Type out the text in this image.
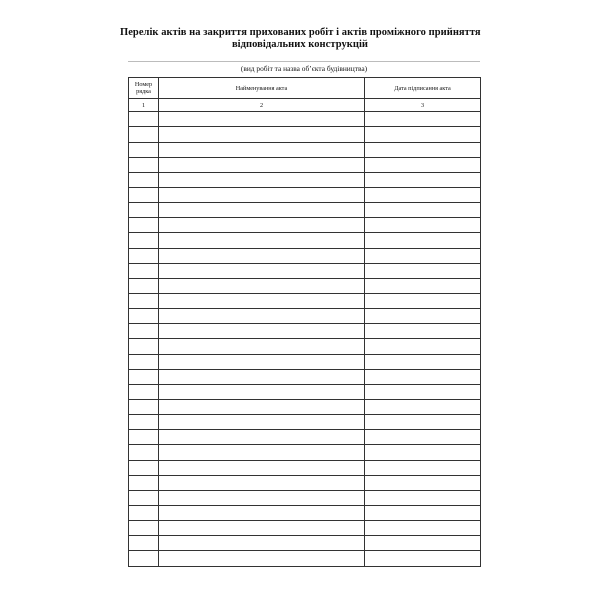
Перелік актів на закриття прихованих робіт і актів проміжного прийняття
відповідальних конструкцій
(вид робіт та назва об’єкта будівництва)
Номер
рядка	Найменування акта	Дата підписання акта

1	2	3
